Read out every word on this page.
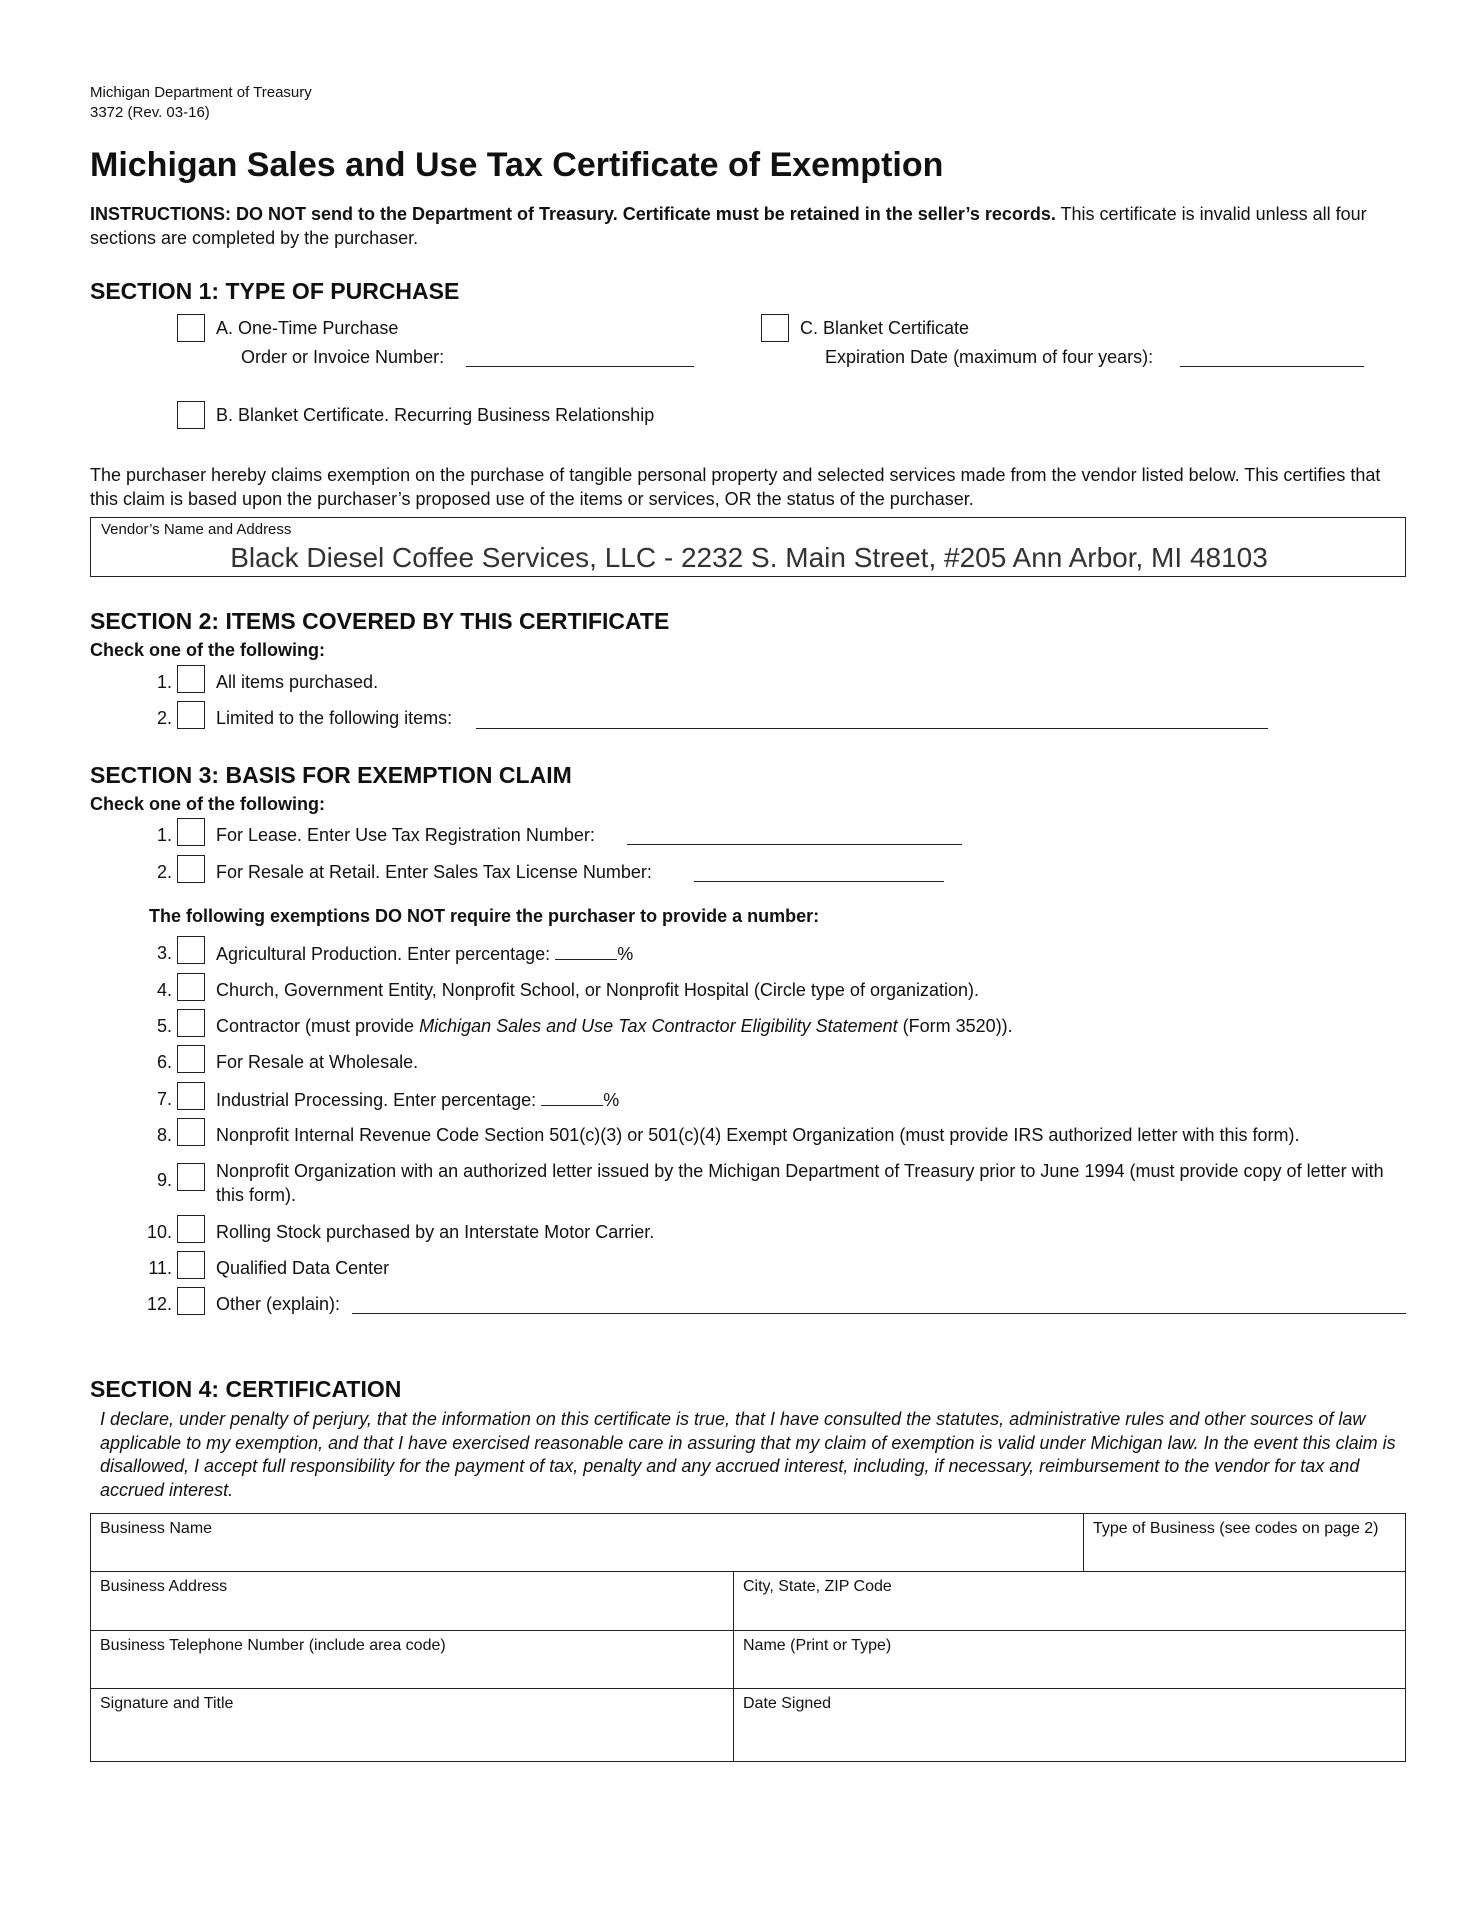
Michigan Department of Treasury
3372 (Rev. 03-16)
Michigan Sales and Use Tax Certificate of Exemption
INSTRUCTIONS: DO NOT send to the Department of Treasury. Certificate must be retained in the seller’s records. This certificate is invalid unless all four sections are completed by the purchaser.
SECTION 1: TYPE OF PURCHASE
A. One-Time Purchase
Order or Invoice Number:
C. Blanket Certificate
Expiration Date (maximum of four years):
B. Blanket Certificate. Recurring Business Relationship
The purchaser hereby claims exemption on the purchase of tangible personal property and selected services made from the vendor listed below. This certifies that this claim is based upon the purchaser’s proposed use of the items or services, OR the status of the purchaser.
Vendor’s Name and Address
Black Diesel Coffee Services, LLC - 2232 S. Main Street, #205 Ann Arbor, MI 48103
SECTION 2: ITEMS COVERED BY THIS CERTIFICATE
Check one of the following:
1. All items purchased.
2. Limited to the following items:
SECTION 3: BASIS FOR EXEMPTION CLAIM
Check one of the following:
1. For Lease. Enter Use Tax Registration Number:
2. For Resale at Retail. Enter Sales Tax License Number:
The following exemptions DO NOT require the purchaser to provide a number:
3. Agricultural Production. Enter percentage:	%
4. Church, Government Entity, Nonprofit School, or Nonprofit Hospital (Circle type of organization).
5. Contractor (must provide Michigan Sales and Use Tax Contractor Eligibility Statement (Form 3520)).
6. For Resale at Wholesale.
7. Industrial Processing. Enter percentage:	%
8. Nonprofit Internal Revenue Code Section 501(c)(3) or 501(c)(4) Exempt Organization (must provide IRS authorized letter with this form).
9. Nonprofit Organization with an authorized letter issued by the Michigan Department of Treasury prior to June 1994 (must provide copy of letter with this form).
10. Rolling Stock purchased by an Interstate Motor Carrier.
11. Qualified Data Center
12. Other (explain):
SECTION 4: CERTIFICATION
I declare, under penalty of perjury, that the information on this certificate is true, that I have consulted the statutes, administrative rules and other sources of law applicable to my exemption, and that I have exercised reasonable care in assuring that my claim of exemption is valid under Michigan law. In the event this claim is disallowed, I accept full responsibility for the payment of tax, penalty and any accrued interest, including, if necessary, reimbursement to the vendor for tax and accrued interest.
Business Name		Type of Business (see codes on page 2)
Business Address	City, State, ZIP Code	
Business Telephone Number (include area code)	Name (Print or Type)	
Signature and Title	Date Signed	
